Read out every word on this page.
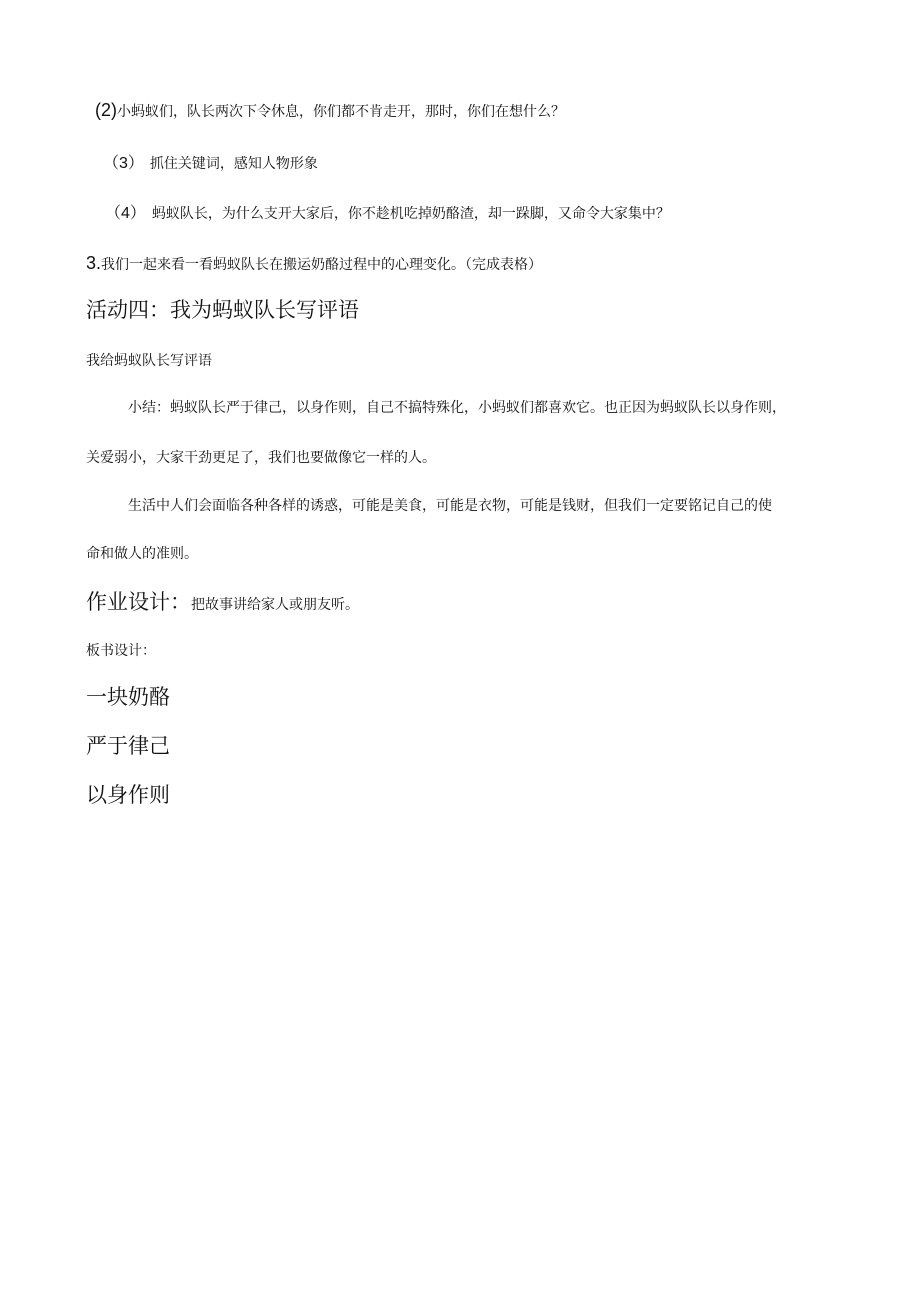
(2)小蚂蚁们，队长两次下令休息，你们都不肯走开，那时，你们在想什么？
（3） 抓住关键词，感知人物形象
（4） 蚂蚁队长，为什么支开大家后，你不趁机吃掉奶酪渣，却一跺脚，又命令大家集中？
3.我们一起来看一看蚂蚁队长在搬运奶酪过程中的心理变化。（完成表格）
活动四：我为蚂蚁队长写评语
我给蚂蚁队长写评语
小结：蚂蚁队长严于律己，以身作则，自己不搞特殊化，小蚂蚁们都喜欢它。也正因为蚂蚁队长以身作则，
关爱弱小，大家干劲更足了，我们也要做像它一样的人。
生活中人们会面临各种各样的诱惑，可能是美食，可能是衣物，可能是钱财，但我们一定要铭记自己的使
命和做人的准则。
作业设计：把故事讲给家人或朋友听。
板书设计：
一块奶酪
严于律己
以身作则
